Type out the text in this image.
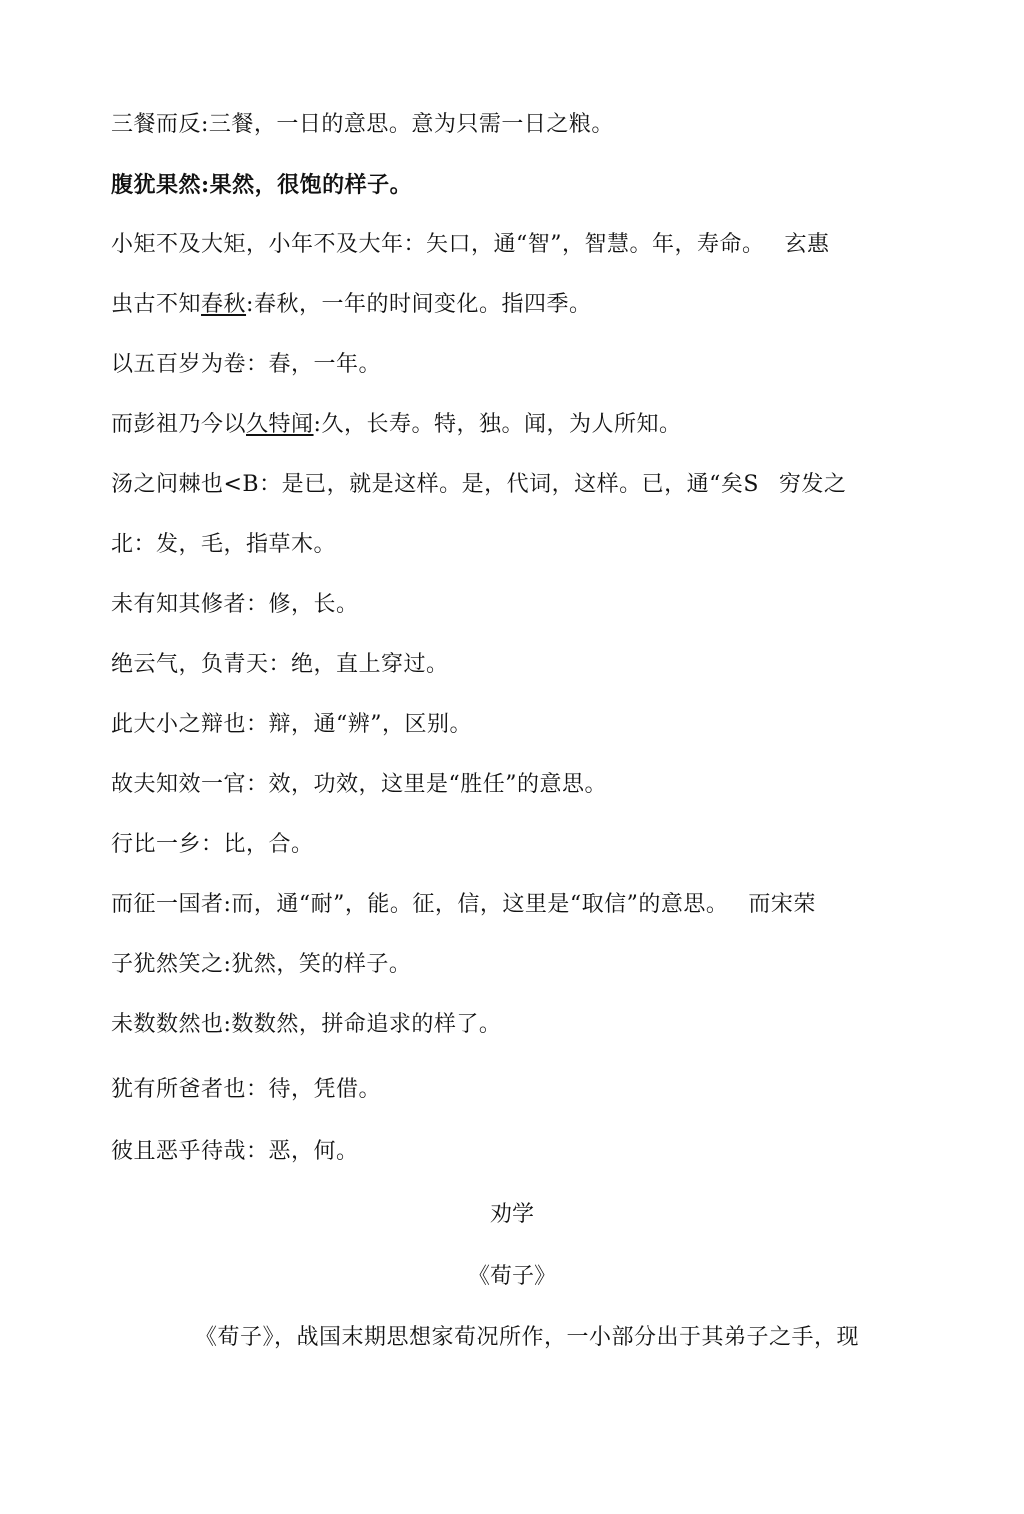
三餐而反:三餐，一日的意思。意为只需一日之粮。
腹犹果然:果然，很饱的样子。
小矩不及大矩，小年不及大年：矢口，通“智”，智慧。年，寿命。 玄惠
虫古不知春秋:春秋，一年的时间变化。指四季。
以五百岁为卷：春，一年。
而彭祖乃今以久特闻:久，长寿。特，独。闻，为人所知。
汤之问棘也<B：是已，就是这样。是，代词，这样。已，通“矣S 穷发之
北：发，毛，指草木。
未有知其修者：修，长。
绝云气，负青天：绝，直上穿过。
此大小之辩也：辩，通“辨”，区别。
故夫知效一官：效，功效，这里是“胜任”的意思。
行比一乡：比，合。
而征一国者:而，通“耐”，能。征，信，这里是“取信”的意思。 而宋荣
子犹然笑之:犹然，笑的样子。
未数数然也:数数然，拼命追求的样了。
犹有所爸者也：待，凭借。
彼且恶乎待哉：恶，何。
劝学
《荀子》
《荀子》，战国末期思想家荀况所作，一小部分出于其弟子之手，现
